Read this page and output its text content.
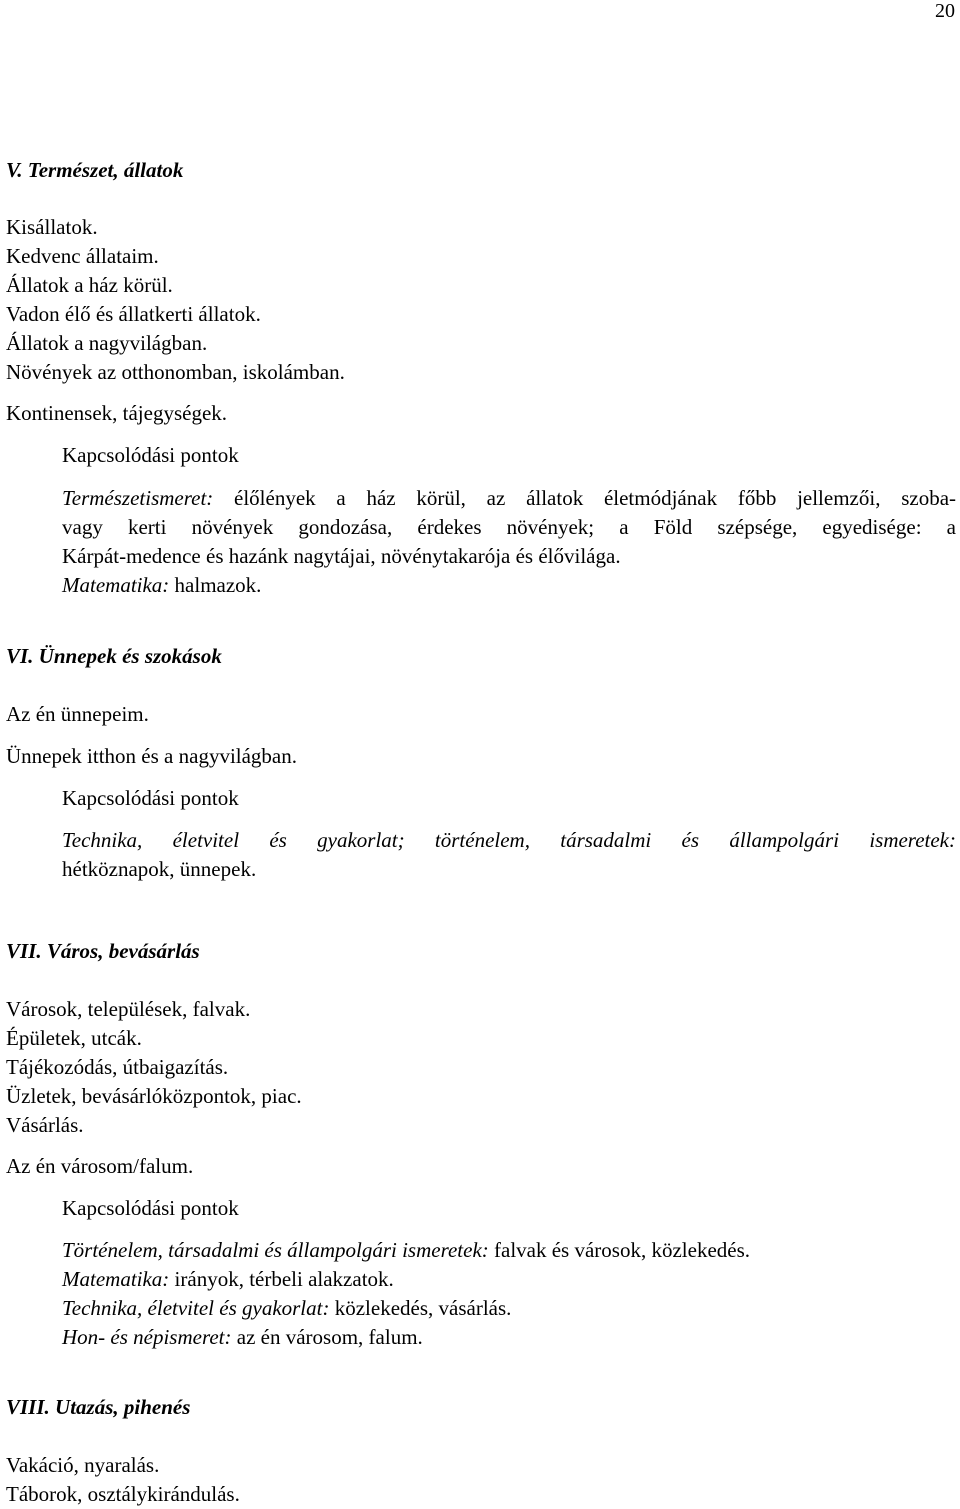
20
V. Természet, állatok
Kisállatok.
Kedvenc állataim.
Állatok a ház körül.
Vadon élő és állatkerti állatok.
Állatok a nagyvilágban.
Növények az otthonomban, iskolámban.
Kontinensek, tájegységek.
Kapcsolódási pontok
Természetismeret: élőlények a ház körül, az állatok életmódjának főbb jellemzői, szoba-
vagy kerti növények gondozása, érdekes növények; a Föld szépsége, egyedisége: a
Kárpát-medence és hazánk nagytájai, növénytakarója és élővilága.
Matematika: halmazok.
VI. Ünnepek és szokások
Az én ünnepeim.
Ünnepek itthon és a nagyvilágban.
Kapcsolódási pontok
Technika, életvitel és gyakorlat; történelem, társadalmi és állampolgári ismeretek:
hétköznapok, ünnepek.
VII. Város, bevásárlás
Városok, települések, falvak.
Épületek, utcák.
Tájékozódás, útbaigazítás.
Üzletek, bevásárlóközpontok, piac.
Vásárlás.
Az én városom/falum.
Kapcsolódási pontok
Történelem, társadalmi és állampolgári ismeretek: falvak és városok, közlekedés.
Matematika: irányok, térbeli alakzatok.
Technika, életvitel és gyakorlat: közlekedés, vásárlás.
Hon- és népismeret: az én városom, falum.
VIII. Utazás, pihenés
Vakáció, nyaralás.
Táborok, osztálykirándulás.
